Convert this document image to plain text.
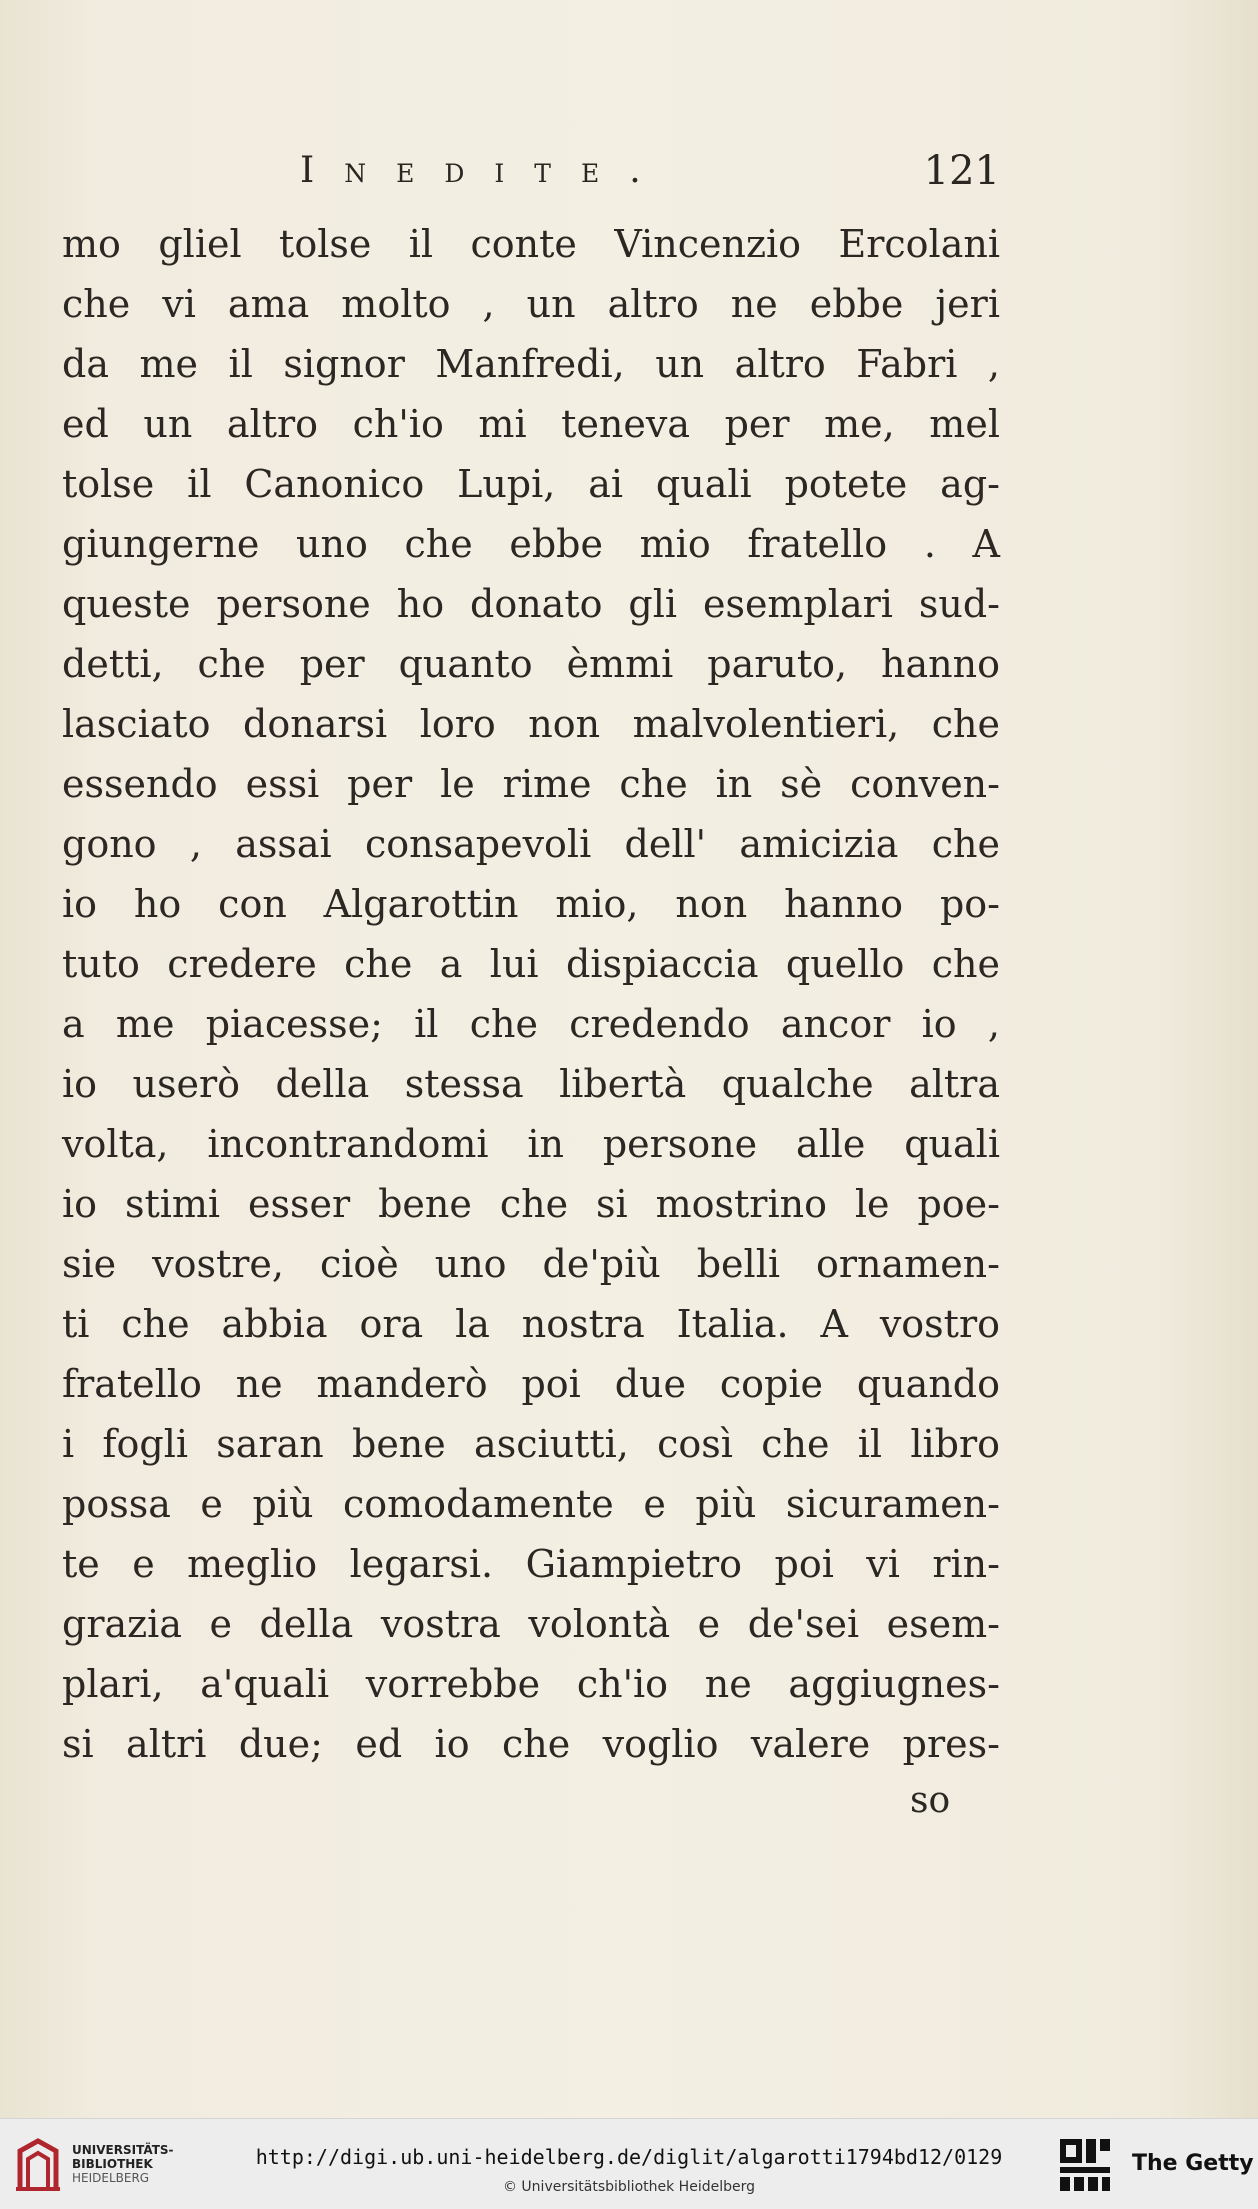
Inedite.	121
mo gliel tolse il conte Vincenzio Ercolani
che vi ama molto , un altro ne ebbe jeri
da me il signor Manfredi, un altro Fabri ,
ed un altro ch'io mi teneva per me, mel
tolse il Canonico Lupi, ai quali potete ag-
giungerne uno che ebbe mio fratello . A
queste persone ho donato gli esemplari sud-
detti, che per quanto èmmi paruto, hanno
lasciato donarsi loro non malvolentieri, che
essendo essi per le rime che in sè conven-
gono , assai consapevoli dell' amicizia che
io ho con Algarottin mio, non hanno po-
tuto credere che a lui dispiaccia quello che
a me piacesse; il che credendo ancor io ,
io userò della stessa libertà qualche altra
volta, incontrandomi in persone alle quali
io stimi esser bene che si mostrino le poe-
sie vostre, cioè uno de'più belli ornamen-
ti che abbia ora la nostra Italia. A vostro
fratello ne manderò poi due copie quando
i fogli saran bene asciutti, così che il libro
possa e più comodamente e più sicuramen-
te e meglio legarsi. Giampietro poi vi rin-
grazia e della vostra volontà e de'sei esem-
plari, a'quali vorrebbe ch'io ne aggiugnes-
si altri due; ed io che voglio valere pres-
so
UNIVERSITÄTS-
BIBLIOTHEK
HEIDELBERG
http://digi.ub.uni-heidelberg.de/diglit/algarotti1794bd12/0129
© Universitätsbibliothek Heidelberg
The Getty
